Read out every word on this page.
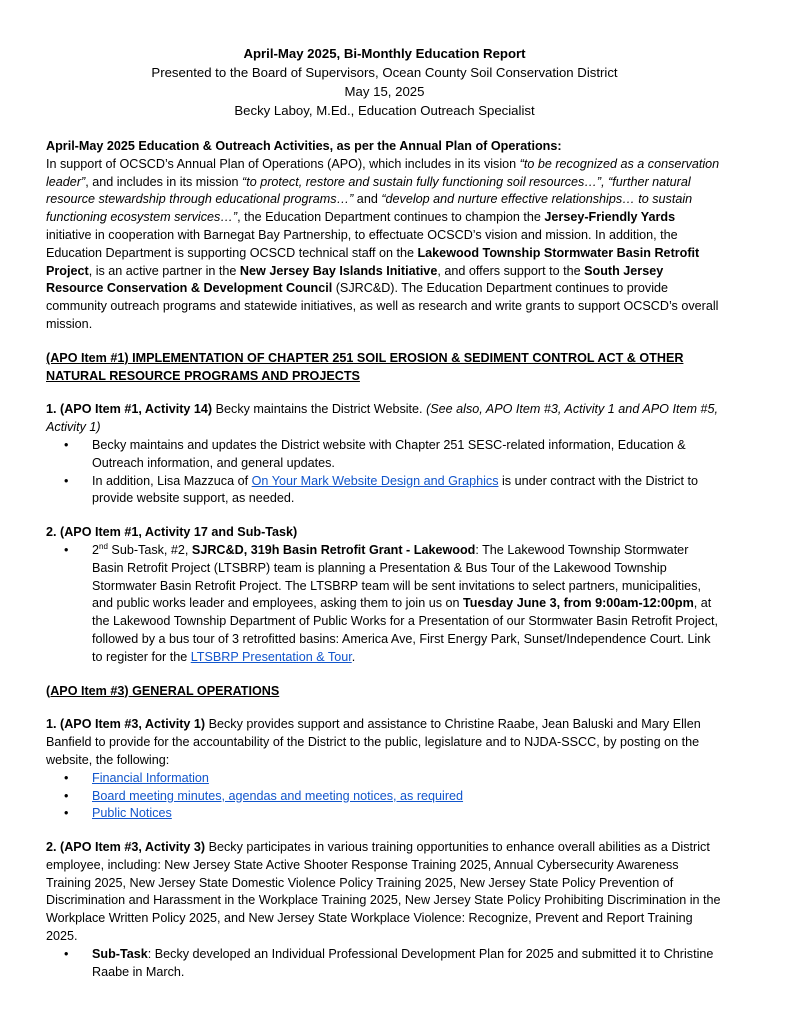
April-May 2025, Bi-Monthly Education Report
Presented to the Board of Supervisors, Ocean County Soil Conservation District
May 15, 2025
Becky Laboy, M.Ed., Education Outreach Specialist

April-May 2025 Education & Outreach Activities, as per the Annual Plan of Operations:

In support of OCSCD’s Annual Plan of Operations (APO), which includes in its vision “to be recognized as a conservation leader”, and includes in its mission “to protect, restore and sustain fully functioning soil resources…”, “further natural resource stewardship through educational programs…” and “develop and nurture effective relationships… to sustain functioning ecosystem services…”, the Education Department continues to champion the Jersey-Friendly Yards initiative in cooperation with Barnegat Bay Partnership, to effectuate OCSCD’s vision and mission. In addition, the Education Department is supporting OCSCD technical staff on the Lakewood Township Stormwater Basin Retrofit Project, is an active partner in the New Jersey Bay Islands Initiative, and offers support to the South Jersey Resource Conservation & Development Council (SJRC&D). The Education Department continues to provide community outreach programs and statewide initiatives, as well as research and write grants to support OCSCD’s overall mission.

(APO Item #1) IMPLEMENTATION OF CHAPTER 251 SOIL EROSION & SEDIMENT CONTROL ACT & OTHER NATURAL RESOURCE PROGRAMS AND PROJECTS

1. (APO Item #1, Activity 14) Becky maintains the District Website. (See also, APO Item #3, Activity 1 and APO Item #5, Activity 1)

• Becky maintains and updates the District website with Chapter 251 SESC-related information, Education & Outreach information, and general updates.
• In addition, Lisa Mazzuca of On Your Mark Website Design and Graphics is under contract with the District to provide website support, as needed.

2. (APO Item #1, Activity 17 and Sub-Task)

• 2nd Sub-Task, #2, SJRC&D, 319h Basin Retrofit Grant - Lakewood: The Lakewood Township Stormwater Basin Retrofit Project (LTSBRP) team is planning a Presentation & Bus Tour of the Lakewood Township Stormwater Basin Retrofit Project. The LTSBRP team will be sent invitations to select partners, municipalities, and public works leader and employees, asking them to join us on Tuesday June 3, from 9:00am-12:00pm, at the Lakewood Township Department of Public Works for a Presentation of our Stormwater Basin Retrofit Project, followed by a bus tour of 3 retrofitted basins: America Ave, First Energy Park, Sunset/Independence Court. Link to register for the LTSBRP Presentation & Tour.

(APO Item #3) GENERAL OPERATIONS

1. (APO Item #3, Activity 1) Becky provides support and assistance to Christine Raabe, Jean Baluski and Mary Ellen Banfield to provide for the accountability of the District to the public, legislature and to NJDA-SSCC, by posting on the website, the following:

• Financial Information
• Board meeting minutes, agendas and meeting notices, as required
• Public Notices

2. (APO Item #3, Activity 3) Becky participates in various training opportunities to enhance overall abilities as a District employee, including: New Jersey State Active Shooter Response Training 2025, Annual Cybersecurity Awareness Training 2025, New Jersey State Domestic Violence Policy Training 2025, New Jersey State Policy Prevention of Discrimination and Harassment in the Workplace Training 2025, New Jersey State Policy Prohibiting Discrimination in the Workplace Written Policy 2025, and New Jersey State Workplace Violence: Recognize, Prevent and Report Training 2025.

• Sub-Task: Becky developed an Individual Professional Development Plan for 2025 and submitted it to Christine Raabe in March.
